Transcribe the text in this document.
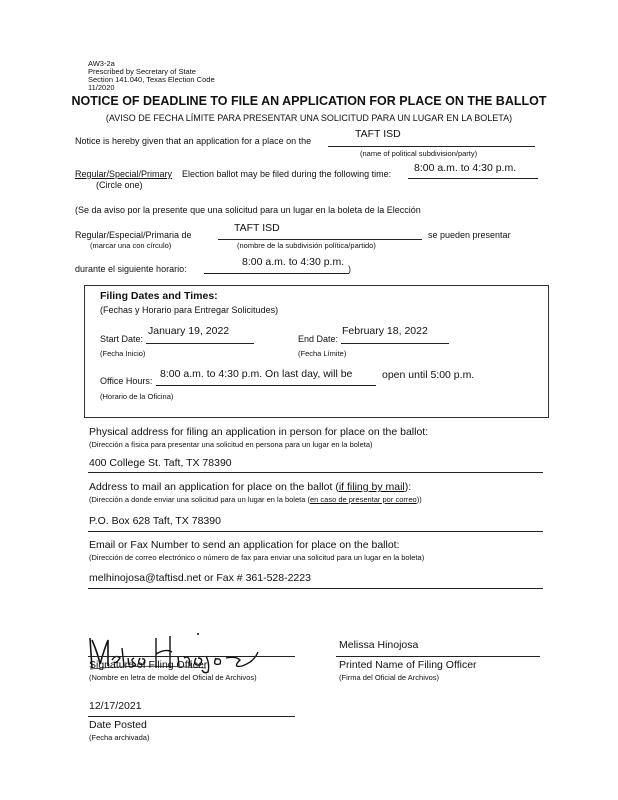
AW3-2a
Prescribed by Secretary of State
Section 141.040, Texas Election Code
11/2020
NOTICE OF DEADLINE TO FILE AN APPLICATION FOR PLACE ON THE BALLOT
(AVISO DE FECHA LÍMITE PARA PRESENTAR UNA SOLICITUD PARA UN LUGAR EN LA BOLETA)
Notice is hereby given that an application for a place on the
TAFT ISD
(name of political subdivision/party)
Regular/Special/Primary Election ballot may be filed during the following time: 8:00 a.m. to 4:30 p.m.
(Circle one)
(Se da aviso por la presente que una solicitud para un lugar en la boleta de la Elección
Regular/Especial/Primaria de
TAFT ISD
se pueden presentar
(marcar una con círculo)	(nombre de la subdivisión política/partido)
durante el siguiente horario:
8:00 a.m. to 4:30 p.m.
)
Filing Dates and Times:
(Fechas y Horario para Entregar Solicitudes)
Start Date:
January 19, 2022
(Fecha Inicio)
End Date:
February 18, 2022
(Fecha Límite)
Office Hours:
8:00 a.m. to 4:30 p.m. On last day, will be	open until 5:00 p.m.
(Horario de la Oficina)
Physical address for filing an application in person for place on the ballot:
(Dirección a física para presentar una solicitud en persona para un lugar en la boleta)
400 College St. Taft, TX 78390
Address to mail an application for place on the ballot (if filing by mail):
(Dirección a donde enviar una solicitud para un lugar en la boleta (en caso de presentar por correo))
P.O. Box 628 Taft, TX 78390
Email or Fax Number to send an application for place on the ballot:
(Dirección de correo electrónico o número de fax para enviar una solicitud para un lugar en la boleta)
melhinojosa@taftisd.net or Fax # 361-528-2223
Signature of Filing Officer
(Nombre en letra de molde del Oficial de Archivos)
Melissa Hinojosa
Printed Name of Filing Officer
(Firma del Oficial de Archivos)
12/17/2021
Date Posted
(Fecha archivada)
